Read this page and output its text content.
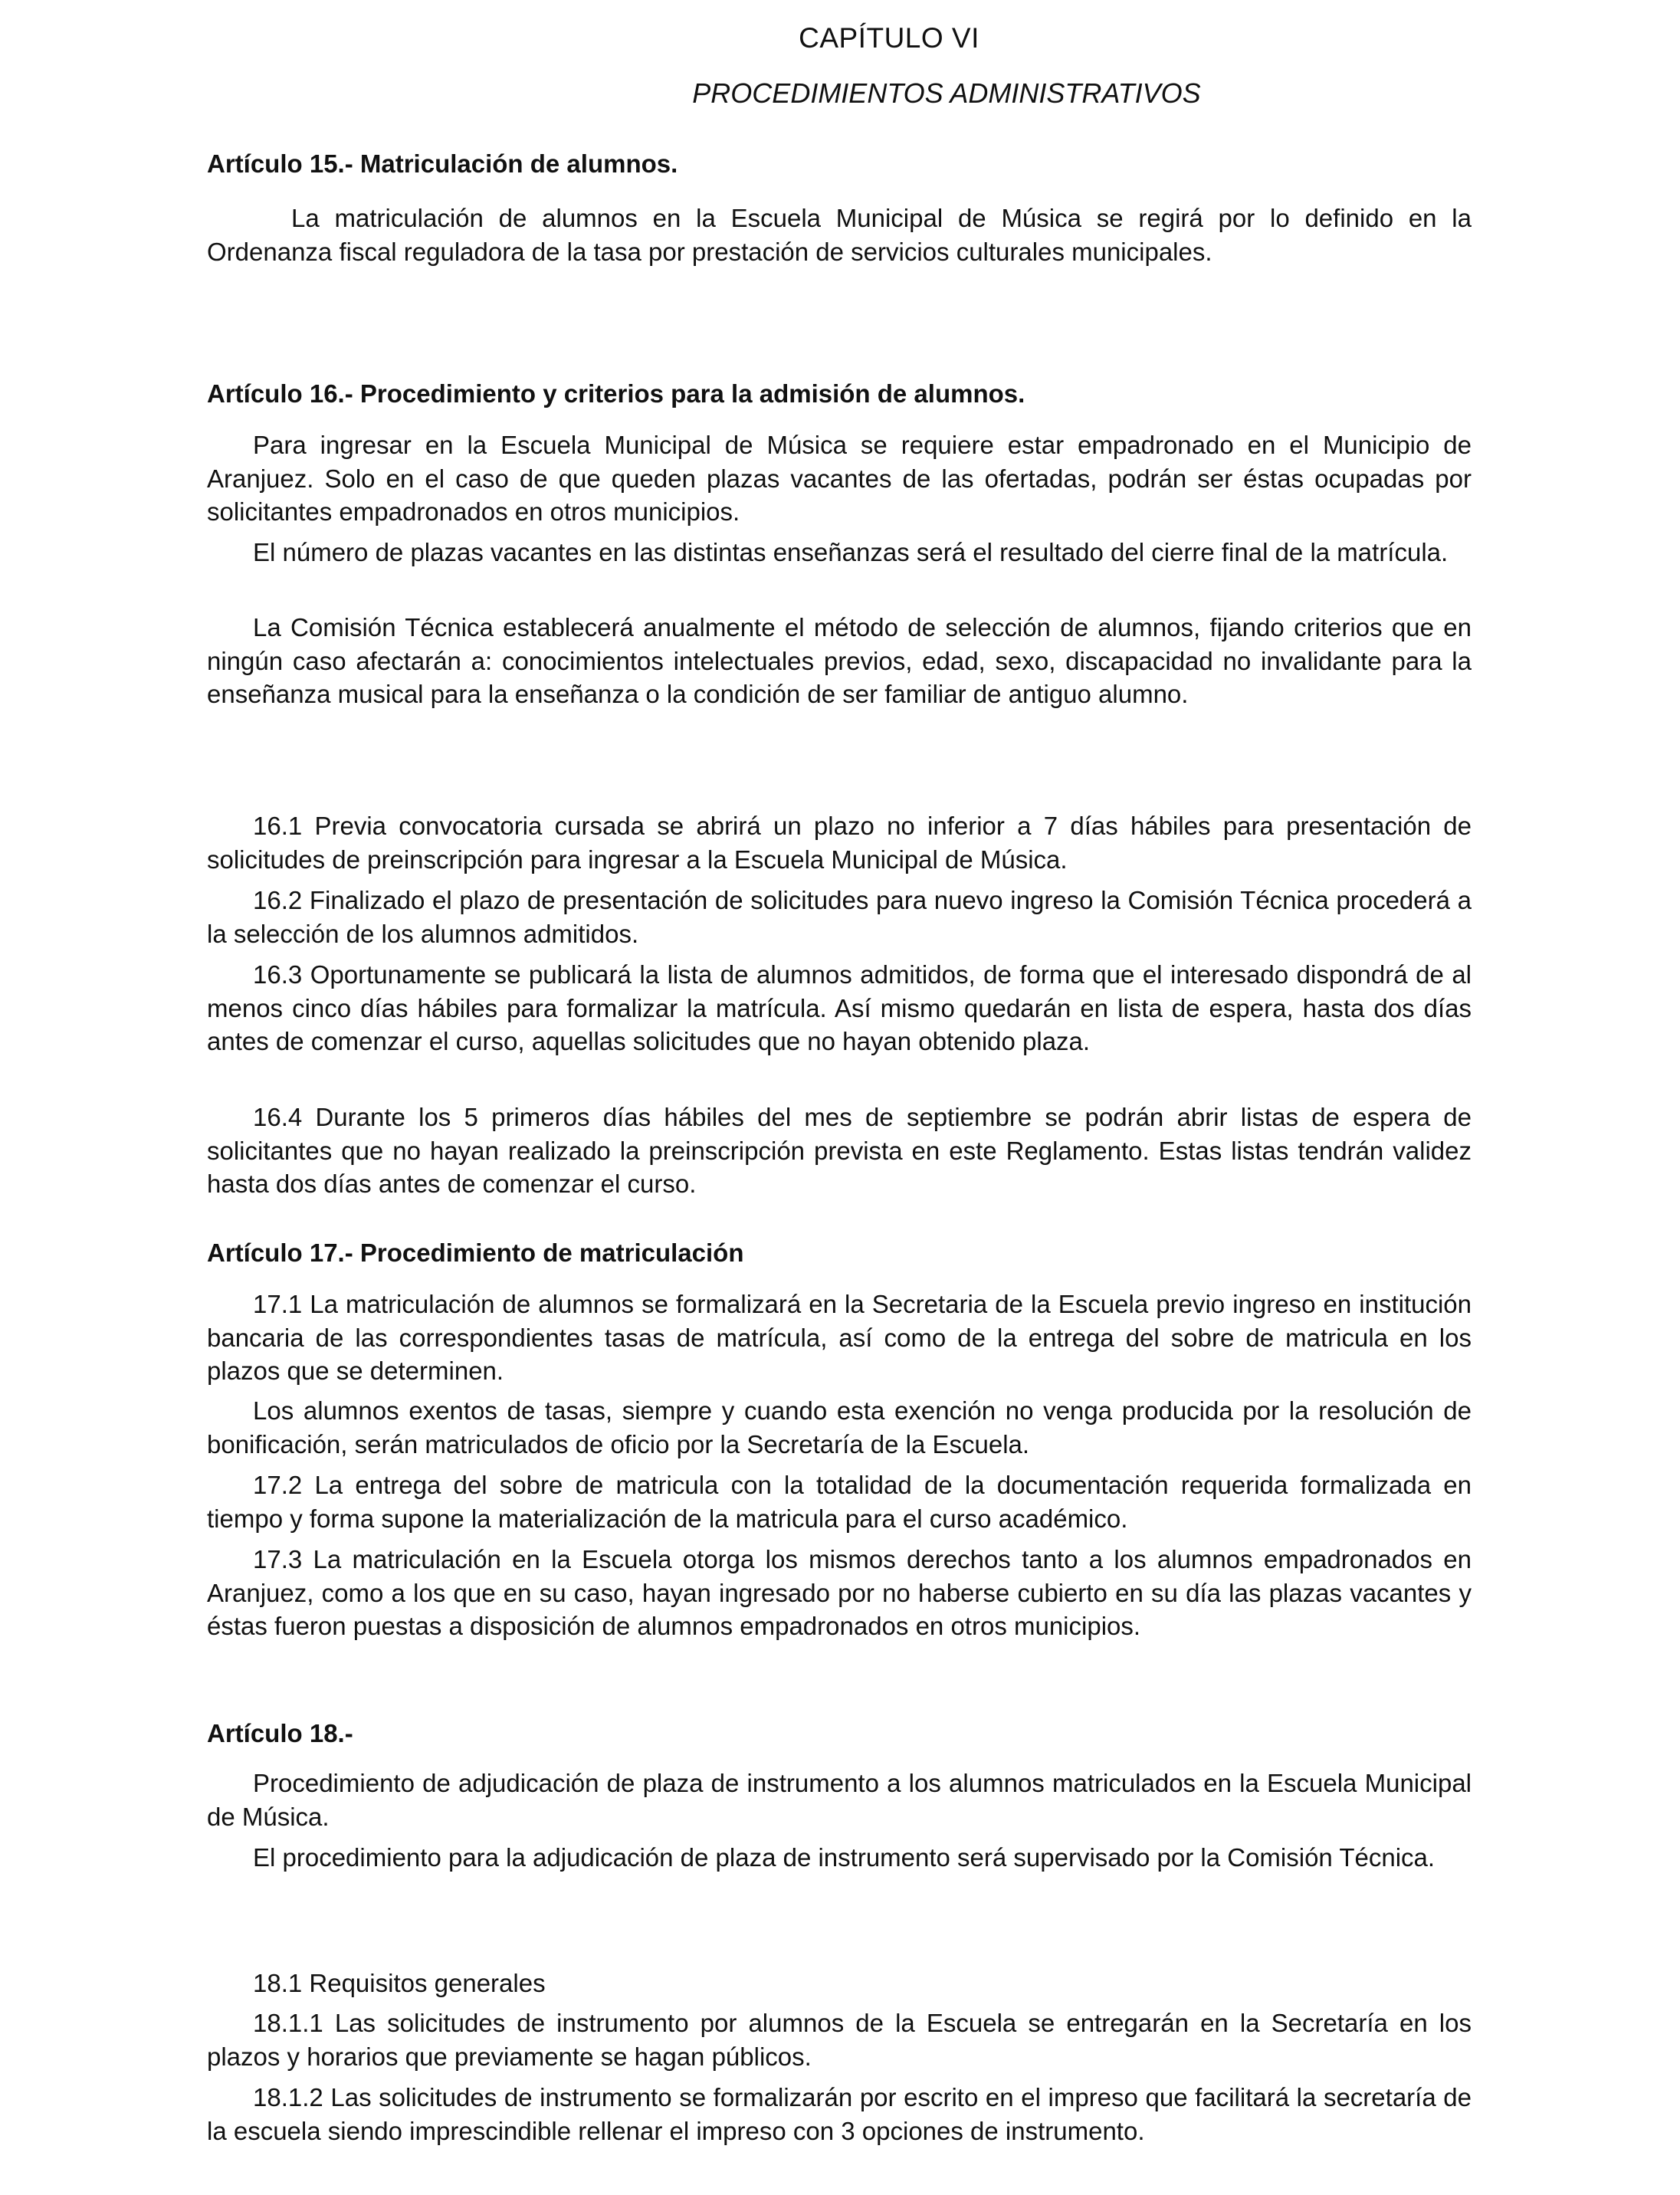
CAPÍTULO VI
PROCEDIMIENTOS ADMINISTRATIVOS
Artículo 15.- Matriculación de alumnos.

La matriculación de alumnos en la Escuela Municipal de Música se regirá por lo definido en la Ordenanza fiscal reguladora de la tasa por prestación de servicios culturales municipales.

Artículo 16.- Procedimiento y criterios para la admisión de alumnos.

Para ingresar en la Escuela Municipal de Música se requiere estar empadronado en el Municipio de Aranjuez. Solo en el caso de que queden plazas vacantes de las ofertadas, podrán ser éstas ocupadas por solicitantes empadronados en otros municipios.

El número de plazas vacantes en las distintas enseñanzas será el resultado del cierre final de la matrícula.

La Comisión Técnica establecerá anualmente el método de selección de alumnos, fijando criterios que en ningún caso afectarán a: conocimientos intelectuales previos, edad, sexo, discapacidad no invalidante para la enseñanza musical para la enseñanza o la condición de ser familiar de antiguo alumno.

16.1 Previa convocatoria cursada se abrirá un plazo no inferior a 7 días hábiles para presentación de solicitudes de preinscripción para ingresar a la Escuela Municipal de Música.

16.2 Finalizado el plazo de presentación de solicitudes para nuevo ingreso la Comisión Técnica procederá a la selección de los alumnos admitidos.

16.3 Oportunamente se publicará la lista de alumnos admitidos, de forma que el interesado dispondrá de al menos cinco días hábiles para formalizar la matrícula. Así mismo quedarán en lista de espera, hasta dos días antes de comenzar el curso, aquellas solicitudes que no hayan obtenido plaza.

16.4 Durante los 5 primeros días hábiles del mes de septiembre se podrán abrir listas de espera de solicitantes que no hayan realizado la preinscripción prevista en este Reglamento. Estas listas tendrán validez hasta dos días antes de comenzar el curso.

Artículo 17.- Procedimiento de matriculación

17.1 La matriculación de alumnos se formalizará en la Secretaria de la Escuela previo ingreso en institución bancaria de las correspondientes tasas de matrícula, así como de la entrega del sobre de matricula en los plazos que se determinen.

Los alumnos exentos de tasas, siempre y cuando esta exención no venga producida por la resolución de bonificación, serán matriculados de oficio por la Secretaría de la Escuela.

17.2 La entrega del sobre de matricula con la totalidad de la documentación requerida formalizada en tiempo y forma supone la materialización de la matricula para el curso académico.

17.3 La matriculación en la Escuela otorga los mismos derechos tanto a los alumnos empadronados en Aranjuez, como a los que en su caso, hayan ingresado por no haberse cubierto en su día las plazas vacantes y éstas fueron puestas a disposición de alumnos empadronados en otros municipios.

Artículo 18.-

Procedimiento de adjudicación de plaza de instrumento a los alumnos matriculados en la Escuela Municipal de Música.

El procedimiento para la adjudicación de plaza de instrumento será supervisado por la Comisión Técnica.

18.1 Requisitos generales

18.1.1 Las solicitudes de instrumento por alumnos de la Escuela se entregarán en la Secretaría en los plazos y horarios que previamente se hagan públicos.

18.1.2 Las solicitudes de instrumento se formalizarán por escrito en el impreso que facilitará la secretaría de la escuela siendo imprescindible rellenar el impreso con 3 opciones de instrumento.
